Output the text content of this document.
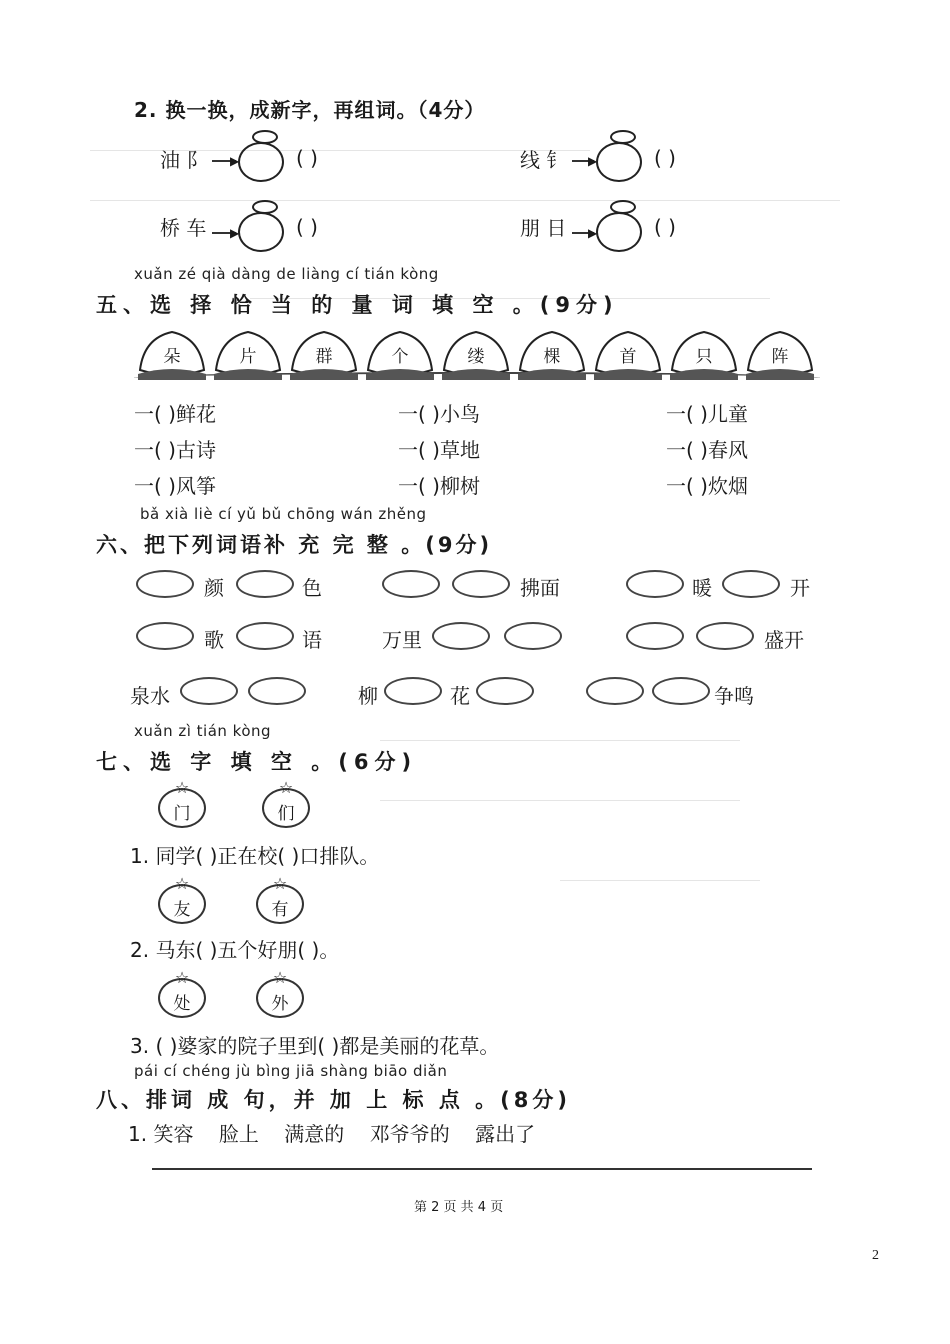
2. 换一换，成新字，再组词。（4分）
油 阝 ▶	( )	线 钅 ▶	( )
桥 车 ▶	( )	朋 日 ▶	( )
xuǎn zé qià dàng de liàng cí tián kòng
五、选 择 恰 当 的 量 词 填 空 。(9分)
朵	片	群	个	缕	棵	首	只	阵
一( )鲜花	一( )小鸟	一( )儿童
一( )古诗	一( )草地	一( )春风
一( )风筝	一( )柳树	一( )炊烟
bǎ xià liè cí yǔ bǔ chōng wán zhěng
六、把下列词语补 充 完 整 。(9分)
颜	色	拂面	暖	开
歌	语	万里	盛开
泉水	柳	花	争鸣
xuǎn zì tián kòng
七、选 字 填 空 。(6分)
☆
门
☆
们
1. 同学( )正在校( )口排队。
☆
友
☆
有
2. 马东( )五个好朋( )。
☆
处
☆
外
3. ( )婆家的院子里到( )都是美丽的花草。
pái cí chéng jù bìng jiā shàng biāo diǎn
八、排词 成 句，并 加 上 标 点 。(8分)
1. 笑容    脸上    满意的    邓爷爷的    露出了
第 2 页 共 4 页
2
